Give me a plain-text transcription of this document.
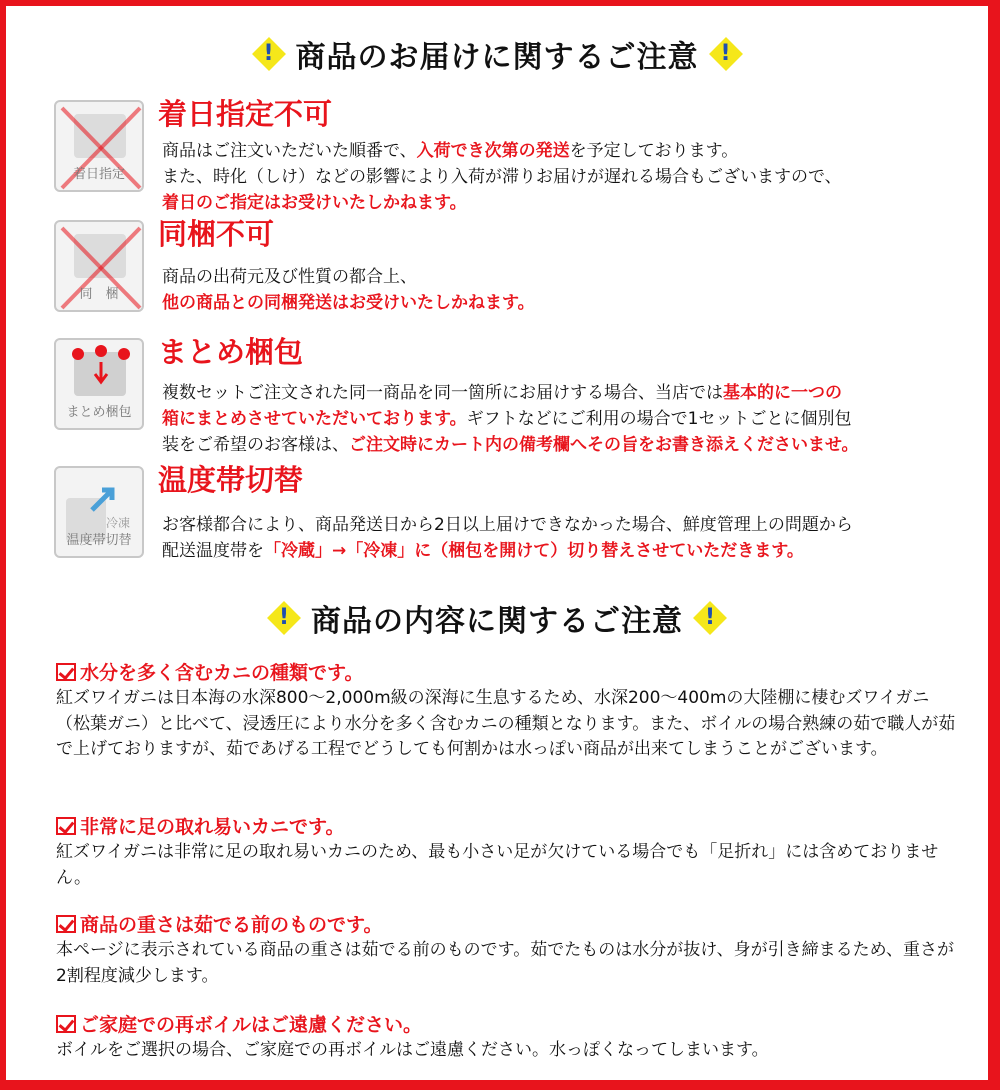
! 商品のお届けに関するご注意 !
着日指定
着日指定不可
商品はご注文いただいた順番で、入荷でき次第の発送を予定しております。
また、時化（しけ）などの影響により入荷が滞りお届けが遅れる場合もございますので、
着日のご指定はお受けいたしかねます。
同　梱
同梱不可
商品の出荷元及び性質の都合上、
他の商品との同梱発送はお受けいたしかねます。
まとめ梱包
まとめ梱包
複数セットご注文された同一商品を同一箇所にお届けする場合、当店では基本的に一つの
箱にまとめさせていただいております。ギフトなどにご利用の場合で1セットごとに個別包
装をご希望のお客様は、ご注文時にカート内の備考欄へその旨をお書き添えくださいませ。
冷凍
温度帯切替
温度帯切替
お客様都合により、商品発送日から2日以上届けできなかった場合、鮮度管理上の問題から
配送温度帯を「冷蔵」→「冷凍」に（梱包を開けて）切り替えさせていただきます。
! 商品の内容に関するご注意 !
水分を多く含むカニの種類です。
紅ズワイガニは日本海の水深800～2,000m級の深海に生息するため、水深200～400mの大陸棚に棲むズワイガニ（松葉ガニ）と比べて、浸透圧により水分を多く含むカニの種類となります。また、ボイルの場合熟練の茹で職人が茹で上げておりますが、茹であげる工程でどうしても何割かは水っぽい商品が出来てしまうことがございます。
非常に足の取れ易いカニです。
紅ズワイガニは非常に足の取れ易いカニのため、最も小さい足が欠けている場合でも「足折れ」には含めておりません。
商品の重さは茹でる前のものです。
本ページに表示されている商品の重さは茹でる前のものです。茹でたものは水分が抜け、身が引き締まるため、重さが2割程度減少します。
ご家庭での再ボイルはご遠慮ください。
ボイルをご選択の場合、ご家庭での再ボイルはご遠慮ください。水っぽくなってしまいます。
